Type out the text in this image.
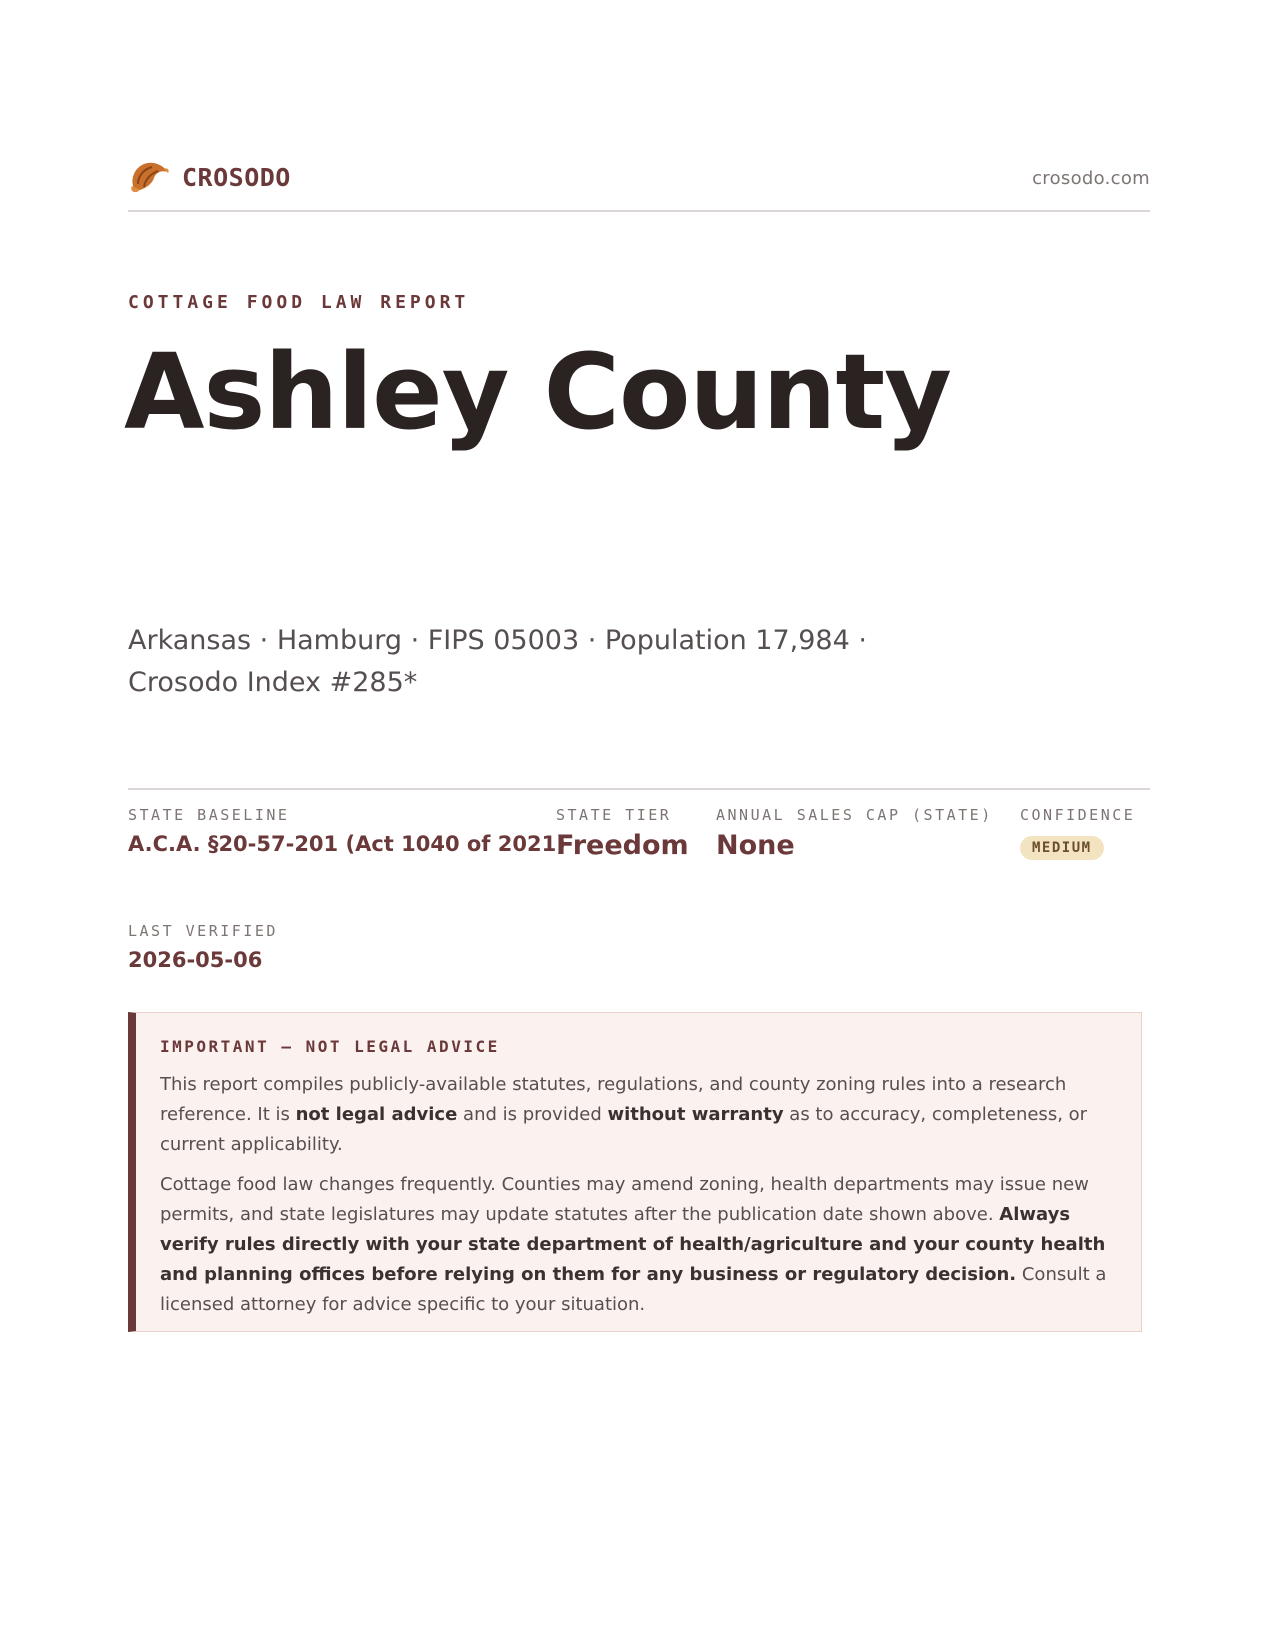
CROSODO	crosodo.com
COTTAGE FOOD LAW REPORT
Ashley County
Arkansas · Hamburg · FIPS 05003 · Population 17,984 · Crosodo Index #285*
STATE BASELINE
A.C.A. §20-57-201 (Act 1040 of 2021)
STATE TIER
Freedom
ANNUAL SALES CAP (STATE)
None
CONFIDENCE
MEDIUM
LAST VERIFIED
2026-05-06
IMPORTANT — NOT LEGAL ADVICE

This report compiles publicly-available statutes, regulations, and county zoning rules into a research reference. It is not legal advice and is provided without warranty as to accuracy, completeness, or current applicability.

Cottage food law changes frequently. Counties may amend zoning, health departments may issue new permits, and state legislatures may update statutes after the publication date shown above. Always verify rules directly with your state department of health/agriculture and your county health and planning offices before relying on them for any business or regulatory decision. Consult a licensed attorney for advice specific to your situation.
